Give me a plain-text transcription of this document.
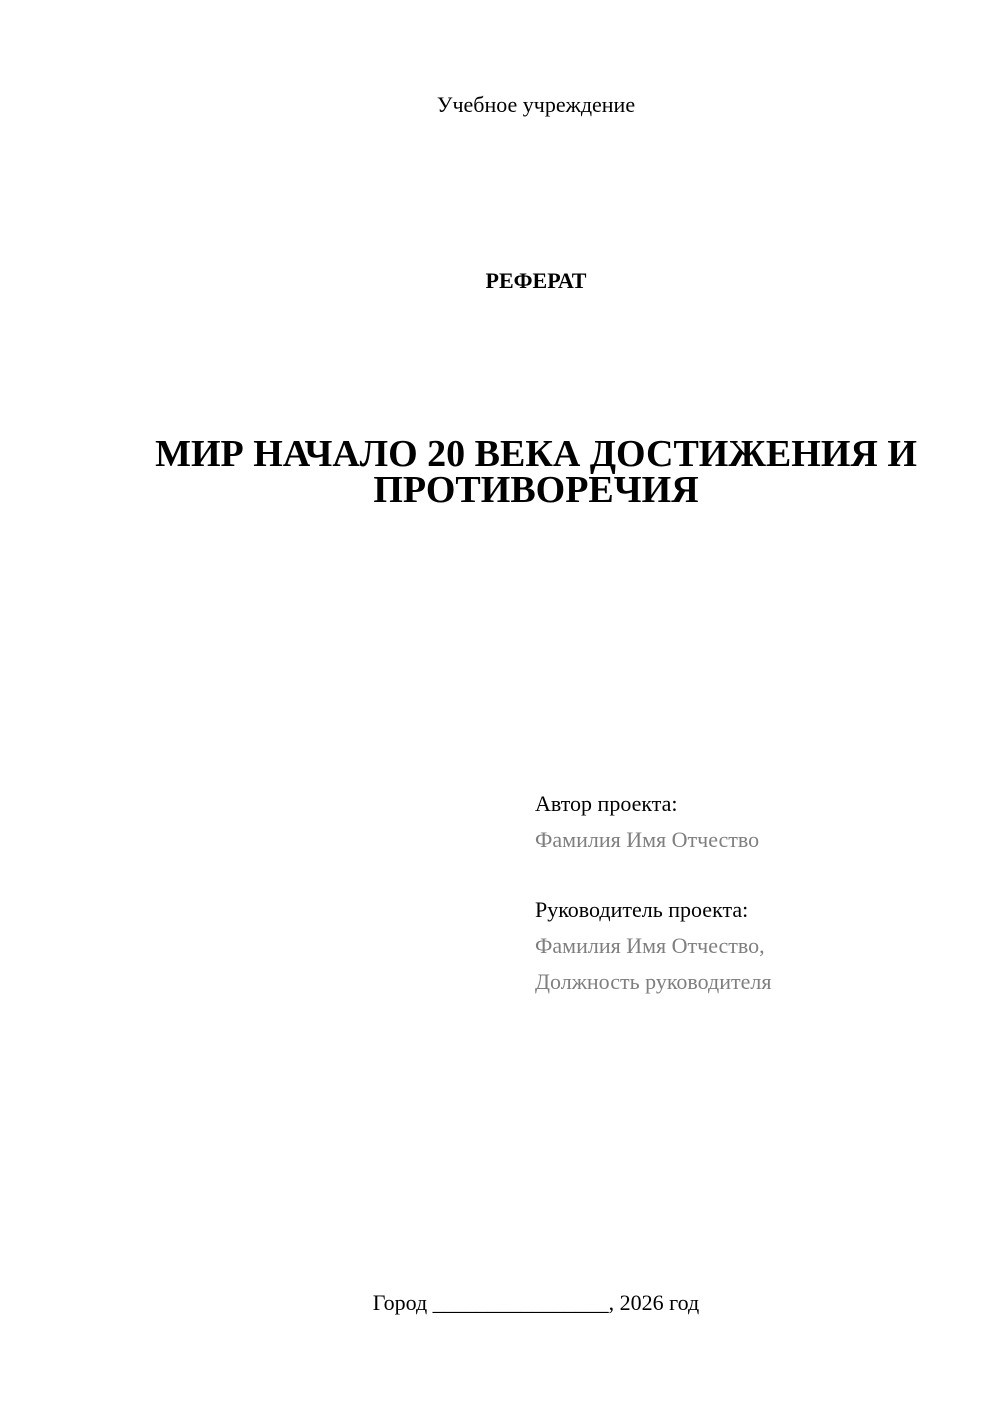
Учебное учреждение
РЕФЕРАТ
МИР НАЧАЛО 20 ВЕКА ДОСТИЖЕНИЯ И
ПРОТИВОРЕЧИЯ
Автор проекта:
Фамилия Имя Отчество
Руководитель проекта:
Фамилия Имя Отчество,
Должность руководителя
Город ________________, 2026 год
